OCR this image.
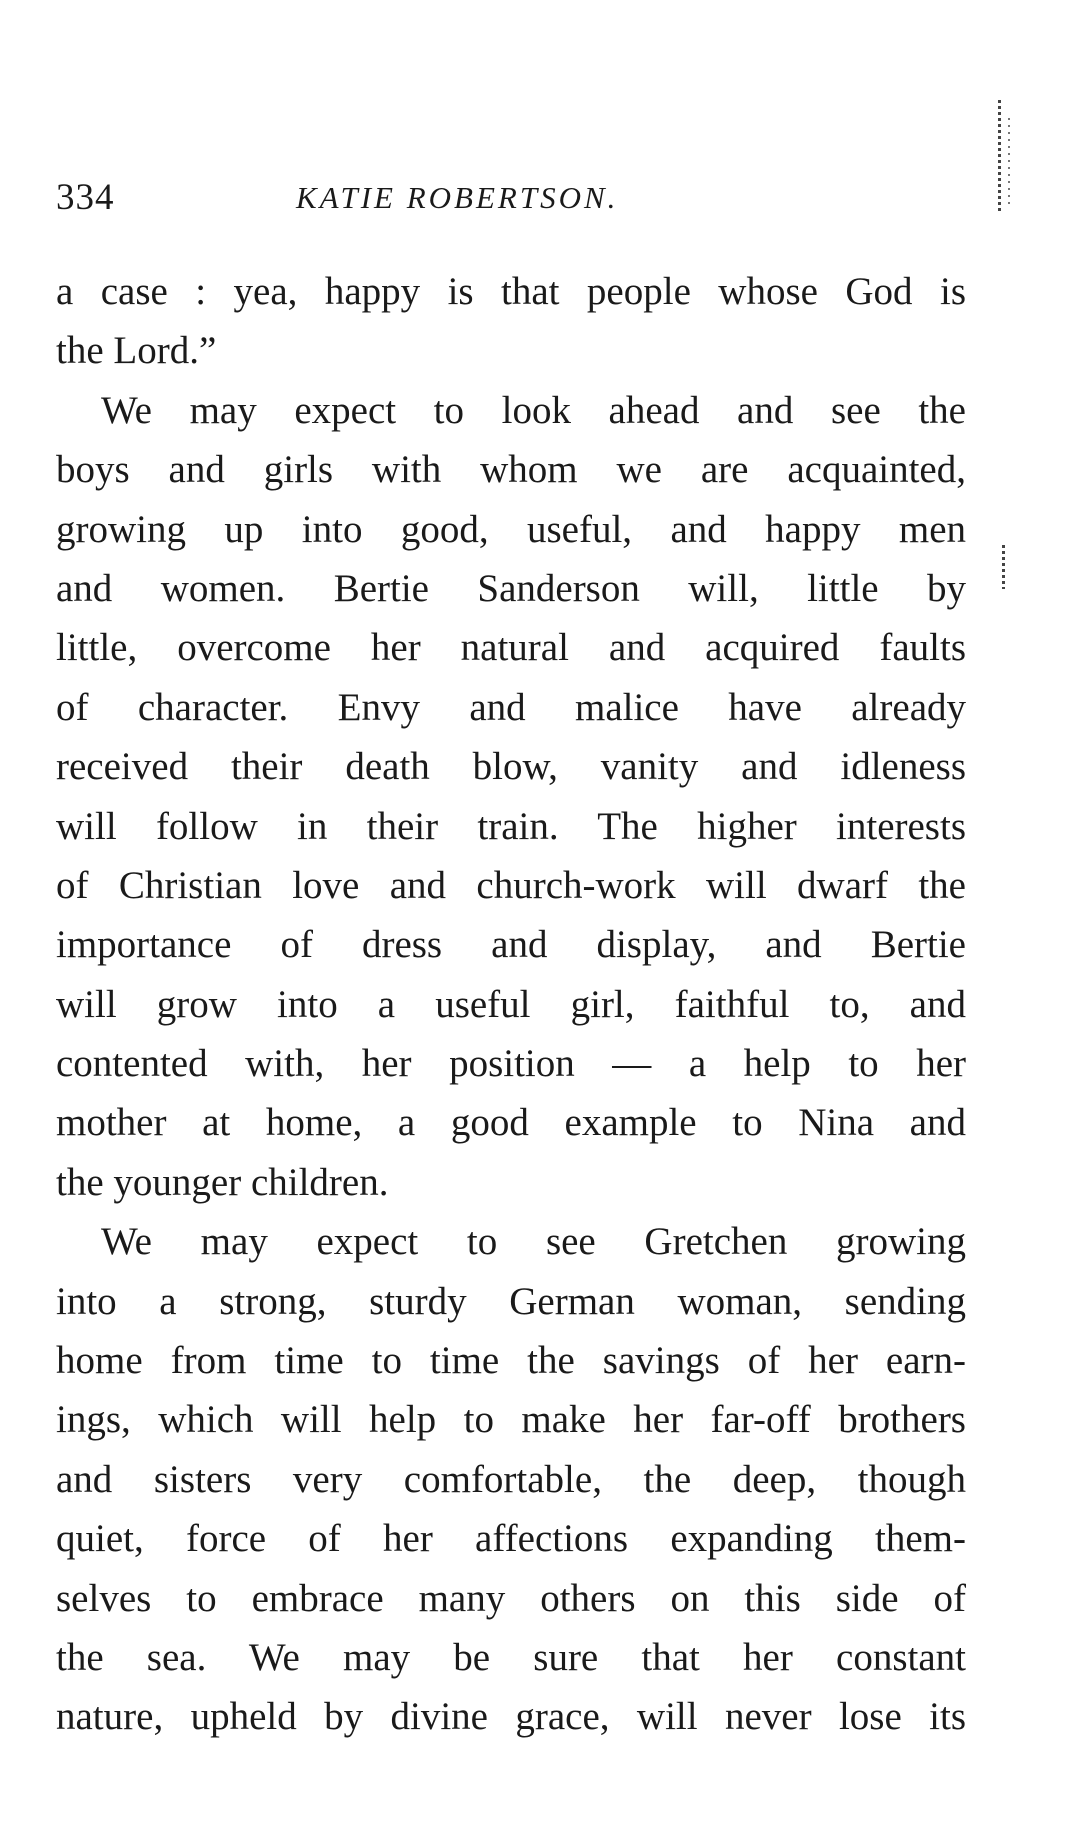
334	KATIE ROBERTSON.
a case : yea, happy is that people whose God is
the Lord.”
We may expect to look ahead and see the
boys and girls with whom we are acquainted,
growing up into good, useful, and happy men
and women. Bertie Sanderson will, little by
little, overcome her natural and acquired faults
of character. Envy and malice have already
received their death blow, vanity and idleness
will follow in their train. The higher interests
of Christian love and church-work will dwarf the
importance of dress and display, and Bertie
will grow into a useful girl, faithful to, and
contented with, her position — a help to her
mother at home, a good example to Nina and
the younger children.
We may expect to see Gretchen growing
into a strong, sturdy German woman, sending
home from time to time the savings of her earn-
ings, which will help to make her far-off brothers
and sisters very comfortable, the deep, though
quiet, force of her affections expanding them-
selves to embrace many others on this side of
the sea. We may be sure that her constant
nature, upheld by divine grace, will never lose its
